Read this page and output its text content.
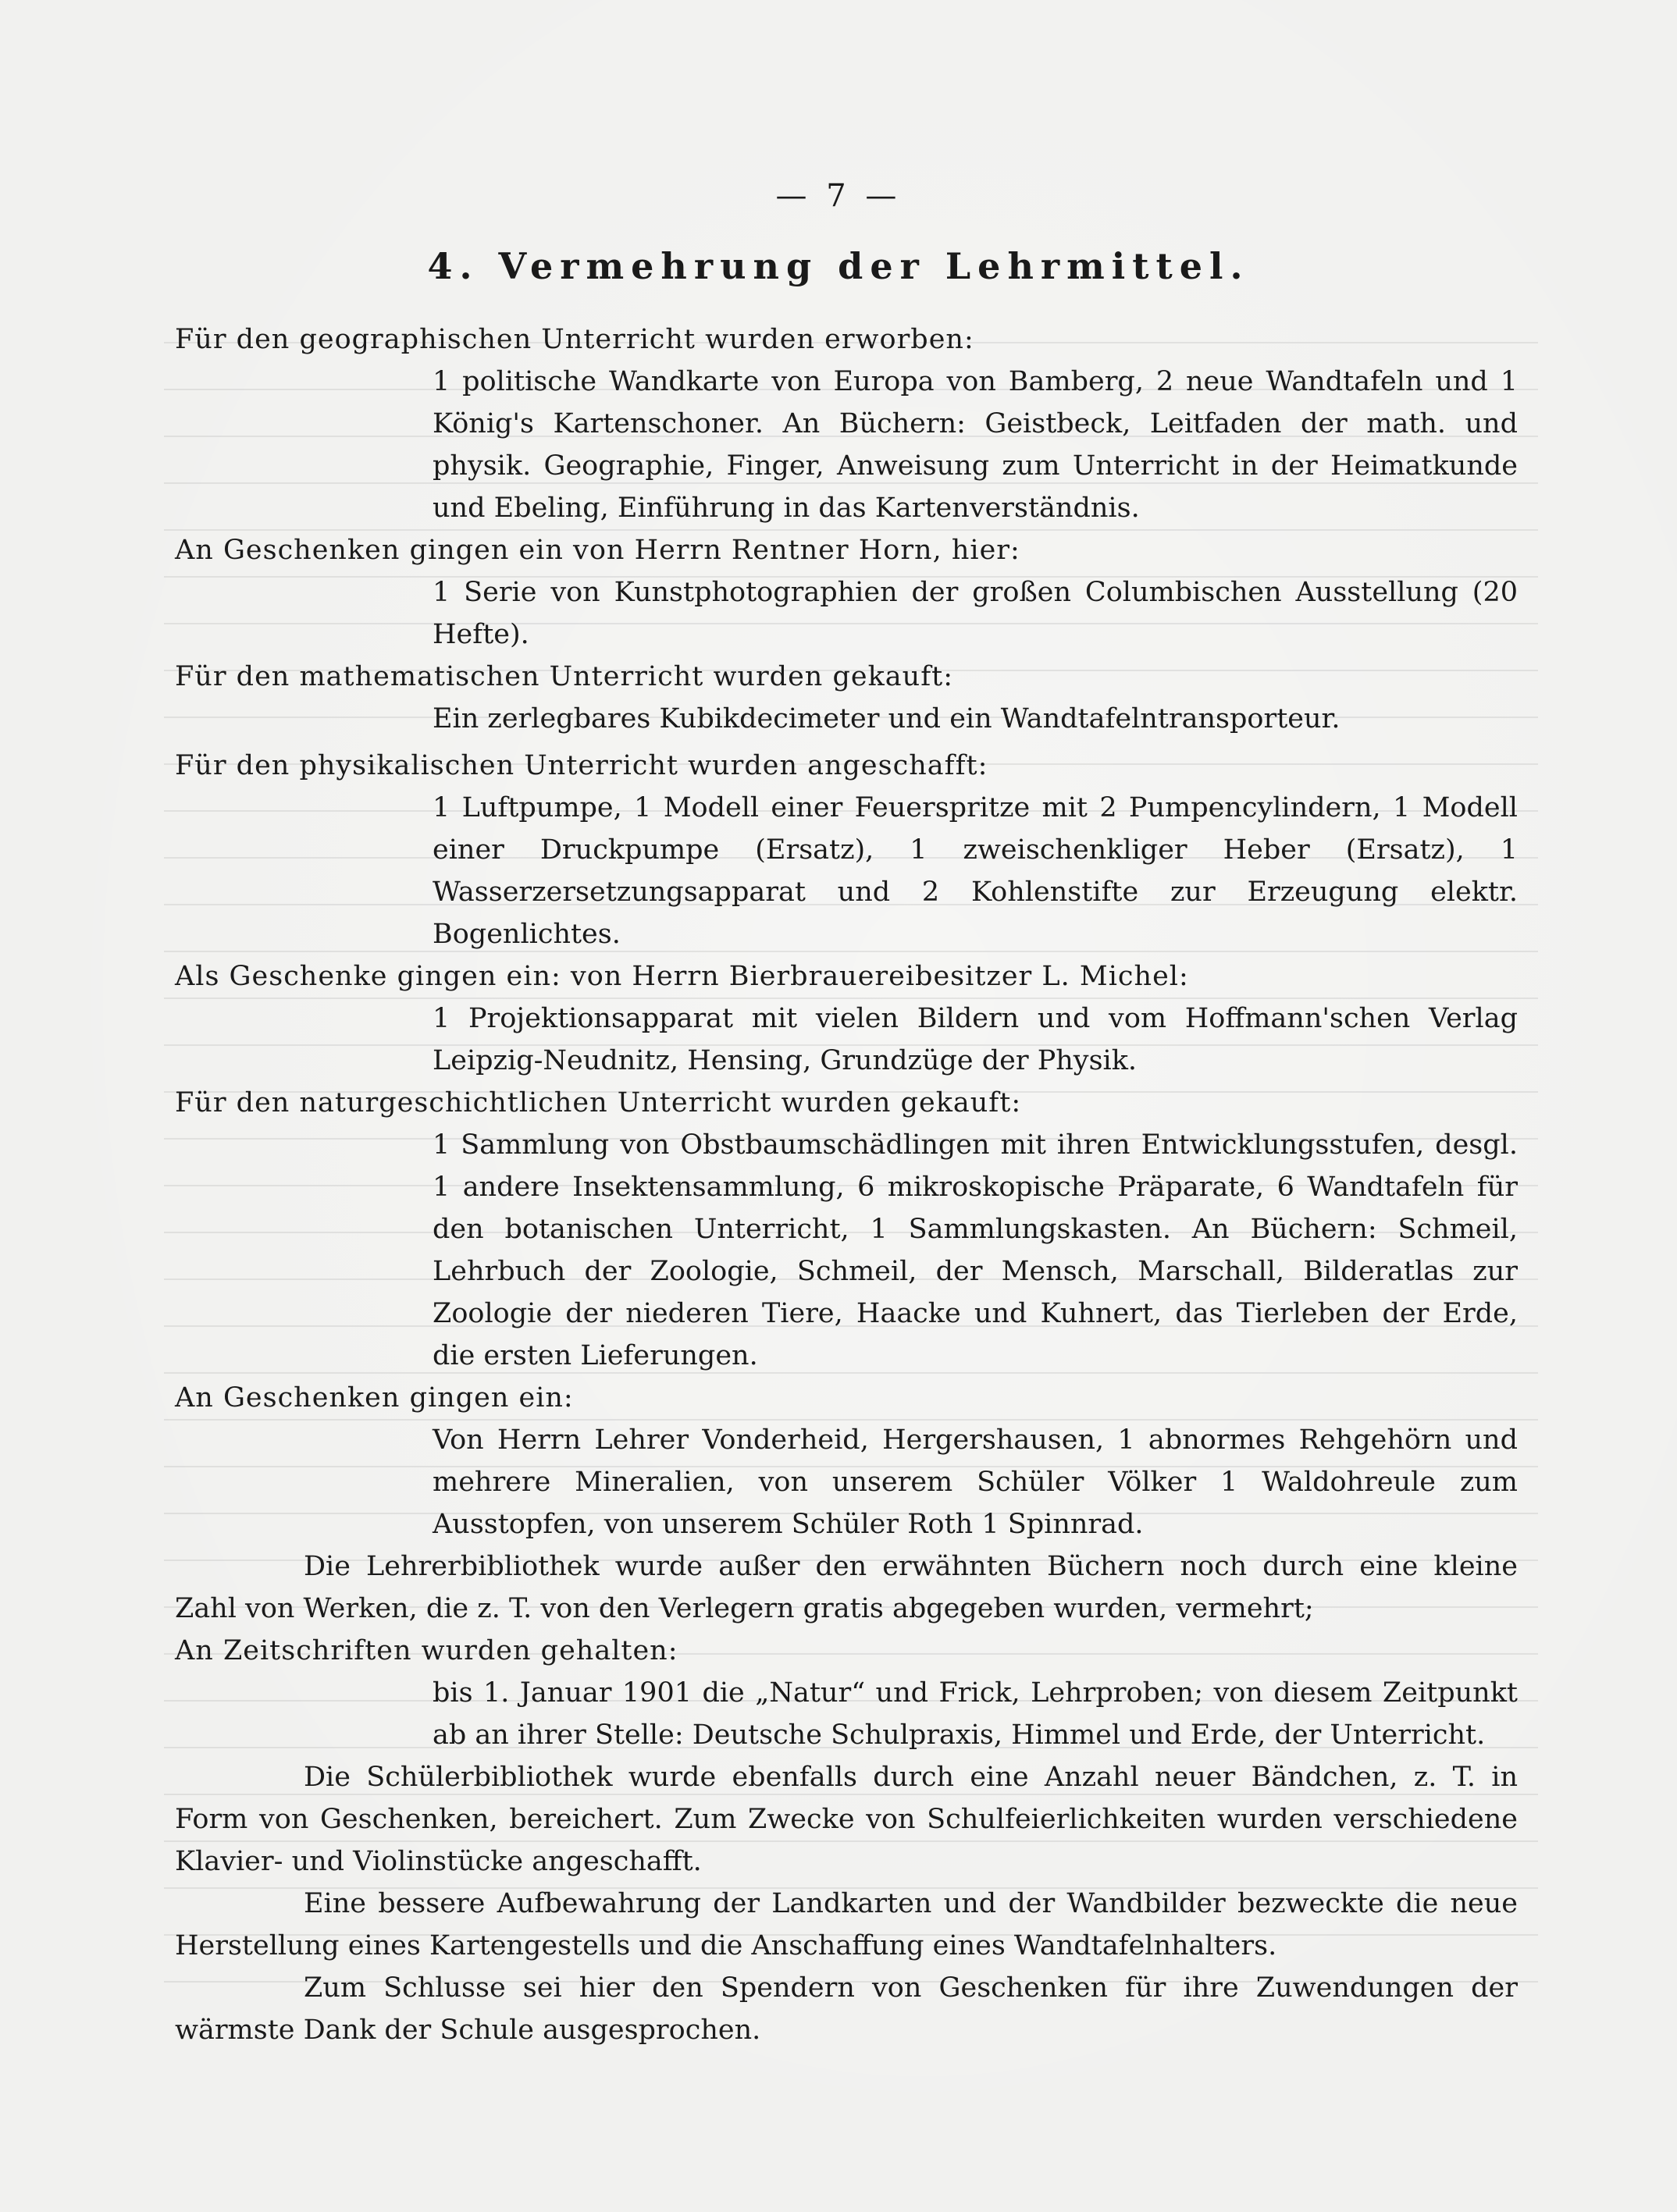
— 7 —
4. Vermehrung der Lehrmittel.

Für den geographischen Unterricht wurden erworben:

1 politische Wandkarte von Europa von Bamberg, 2 neue Wandtafeln und 1 König's Kartenschoner. An Büchern: Geistbeck, Leitfaden der math. und physik. Geographie, Finger, Anweisung zum Unterricht in der Heimatkunde und Ebeling, Einführung in das Kartenverständnis.

An Geschenken gingen ein von Herrn Rentner Horn, hier:

1 Serie von Kunstphotographien der großen Columbischen Ausstellung (20 Hefte).

Für den mathematischen Unterricht wurden gekauft:

Ein zerlegbares Kubikdecimeter und ein Wandtafelntransporteur.

Für den physikalischen Unterricht wurden angeschafft:

1 Luftpumpe, 1 Modell einer Feuerspritze mit 2 Pumpencylindern, 1 Modell einer Druckpumpe (Ersatz), 1 zweischenkliger Heber (Ersatz), 1 Wasserzersetzungsapparat und 2 Kohlenstifte zur Erzeugung elektr. Bogenlichtes.

Als Geschenke gingen ein: von Herrn Bierbrauereibesitzer L. Michel:

1 Projektionsapparat mit vielen Bildern und vom Hoffmann'schen Verlag Leipzig-Neudnitz, Hensing, Grundzüge der Physik.

Für den naturgeschichtlichen Unterricht wurden gekauft:

1 Sammlung von Obstbaumschädlingen mit ihren Entwicklungsstufen, desgl. 1 andere Insektensammlung, 6 mikroskopische Präparate, 6 Wandtafeln für den botanischen Unterricht, 1 Sammlungskasten. An Büchern: Schmeil, Lehrbuch der Zoologie, Schmeil, der Mensch, Marschall, Bilderatlas zur Zoologie der niederen Tiere, Haacke und Kuhnert, das Tierleben der Erde, die ersten Lieferungen.

An Geschenken gingen ein:

Von Herrn Lehrer Vonderheid, Hergershausen, 1 abnormes Rehgehörn und mehrere Mineralien, von unserem Schüler Völker 1 Waldohreule zum Ausstopfen, von unserem Schüler Roth 1 Spinnrad.

Die Lehrerbibliothek wurde außer den erwähnten Büchern noch durch eine kleine Zahl von Werken, die z. T. von den Verlegern gratis abgegeben wurden, vermehrt;

An Zeitschriften wurden gehalten:

bis 1. Januar 1901 die „Natur“ und Frick, Lehrproben; von diesem Zeitpunkt ab an ihrer Stelle: Deutsche Schulpraxis, Himmel und Erde, der Unterricht.

Die Schülerbibliothek wurde ebenfalls durch eine Anzahl neuer Bändchen, z. T. in Form von Geschenken, bereichert. Zum Zwecke von Schulfeierlichkeiten wurden verschiedene Klavier- und Violinstücke angeschafft.

Eine bessere Aufbewahrung der Landkarten und der Wandbilder bezweckte die neue Herstellung eines Kartengestells und die Anschaffung eines Wandtafelnhalters.

Zum Schlusse sei hier den Spendern von Geschenken für ihre Zuwendungen der wärmste Dank der Schule ausgesprochen.
